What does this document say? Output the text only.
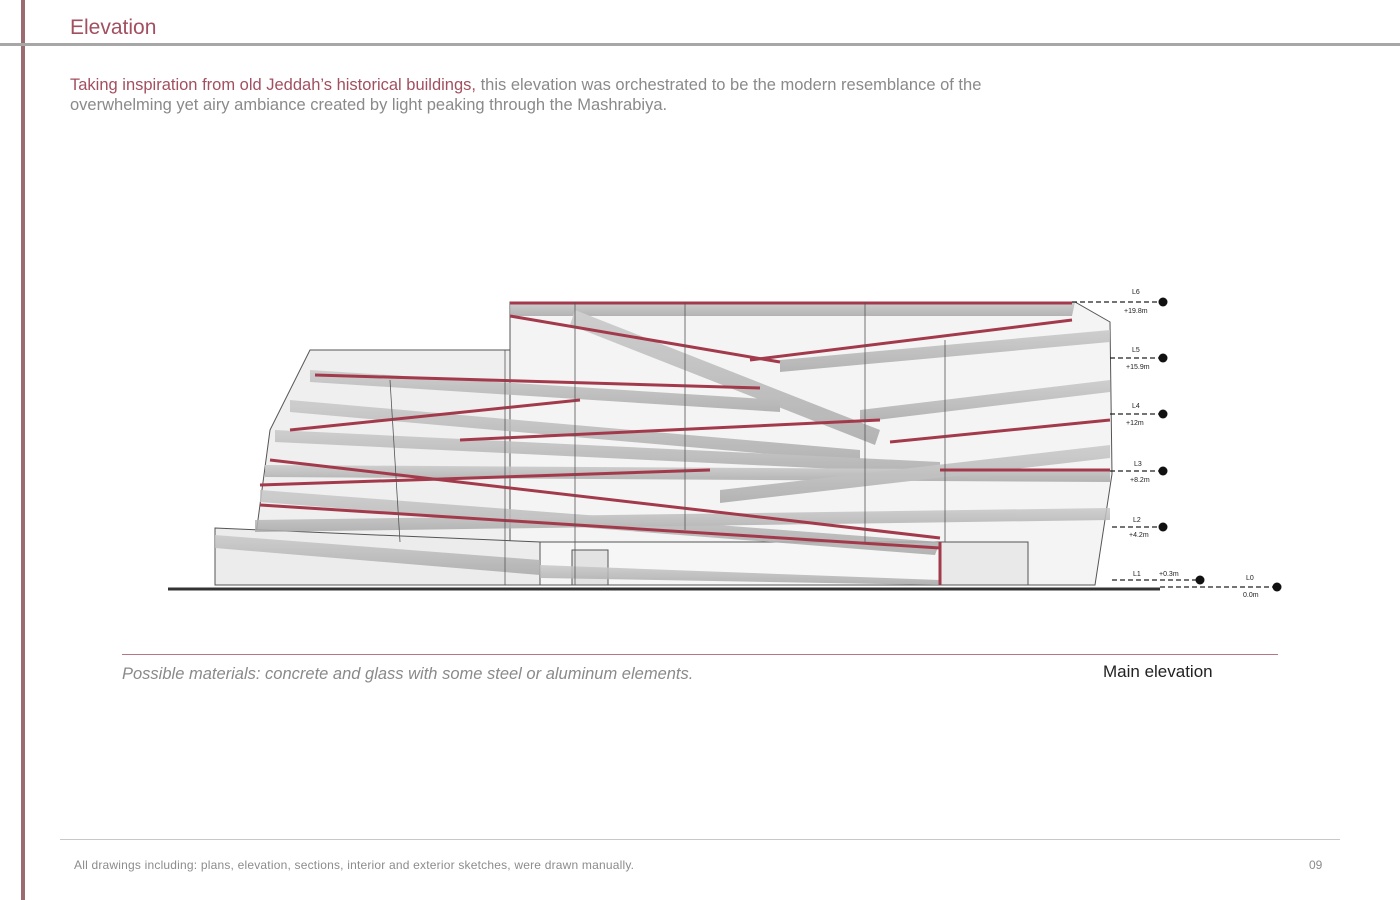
Elevation
Taking inspiration from old Jeddah’s historical buildings, this elevation was orchestrated to be the modern resemblance of the overwhelming yet airy ambiance created by light peaking through the Mashrabiya.
L6
+19.8m
L5
+15.9m
L4
+12m
L3
+8.2m
L2
+4.2m
L1	+0.3m
L0
0.0m
Possible materials: concrete and glass with some steel or aluminum elements.	Main elevation
All drawings including: plans, elevation, sections, interior and exterior sketches, were drawn manually.	09
